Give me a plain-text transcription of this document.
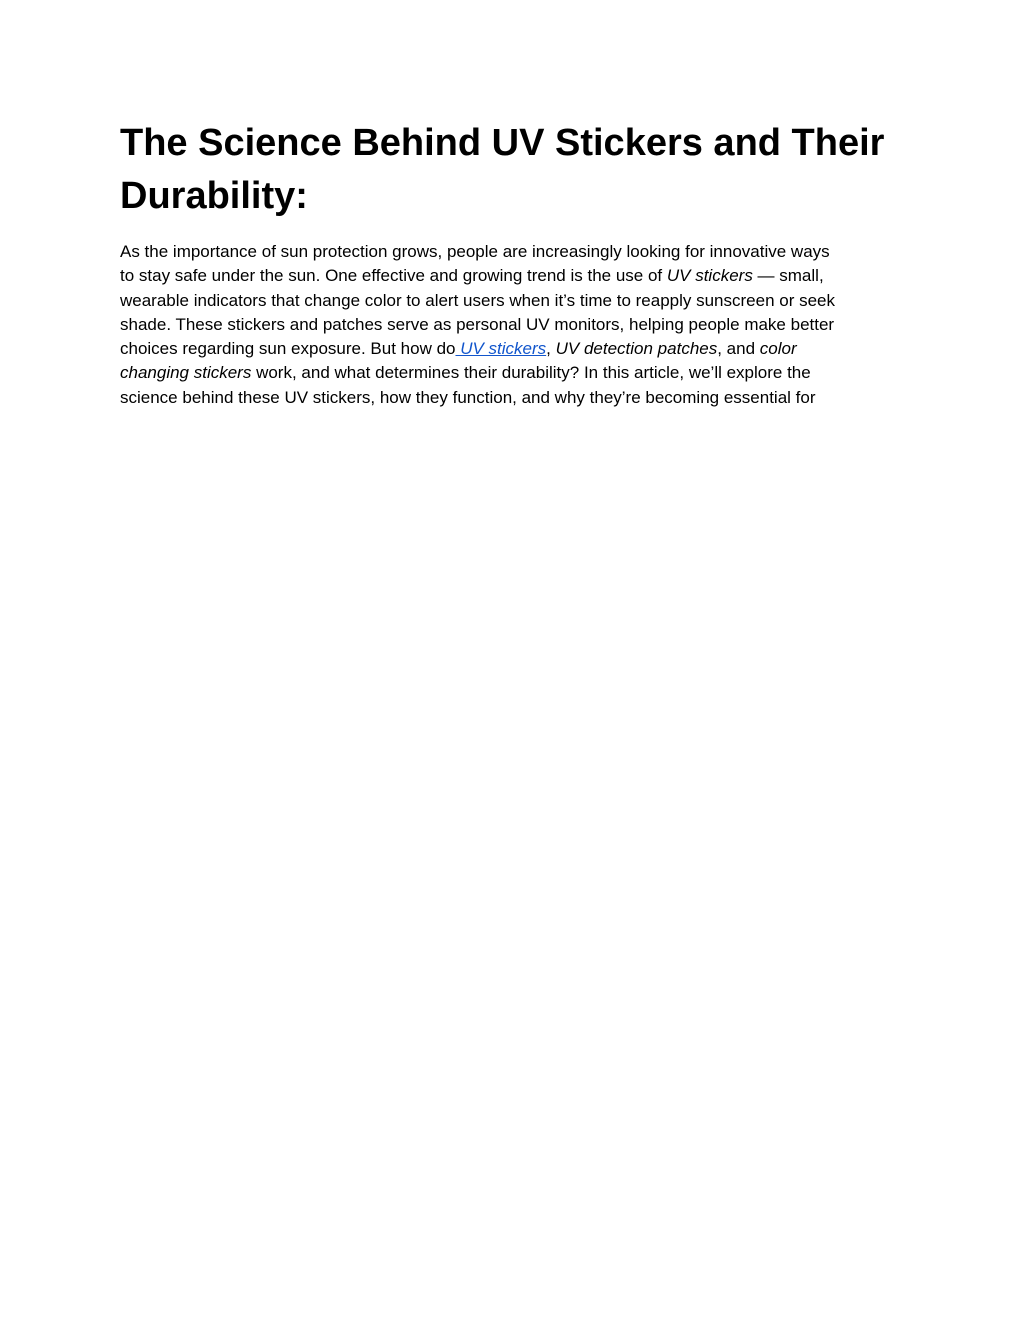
The Science Behind UV Stickers and Their Durability:

As the importance of sun protection grows, people are increasingly looking for innovative ways
to stay safe under the sun. One effective and growing trend is the use of UV stickers — small,
wearable indicators that change color to alert users when it’s time to reapply sunscreen or seek
shade. These stickers and patches serve as personal UV monitors, helping people make better
choices regarding sun exposure. But how do UV stickers, UV detection patches, and color
changing stickers work, and what determines their durability? In this article, we’ll explore the
science behind these UV stickers, how they function, and why they’re becoming essential for
